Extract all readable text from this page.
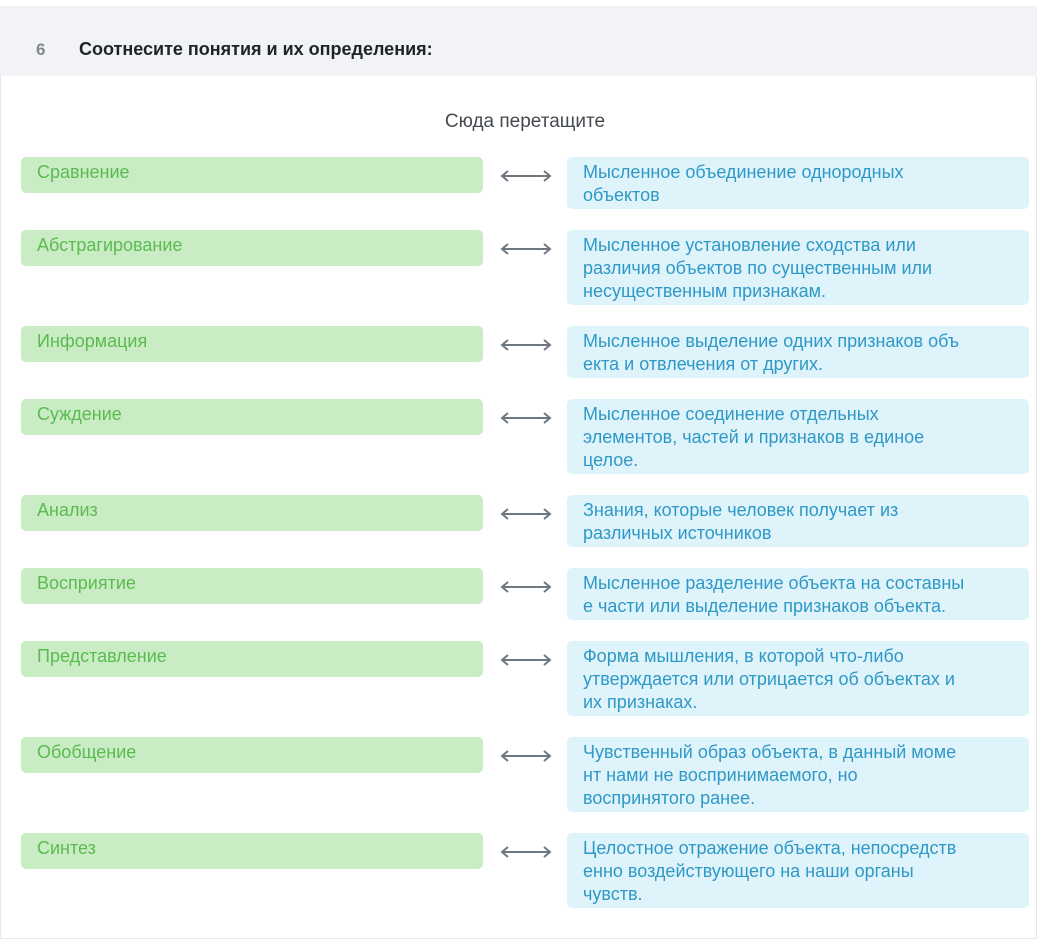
6 Соотнесите понятия и их определения:
Сюда перетащите
Сравнение	Мысленное объединение однородных
объектов
Абстрагирование	Мысленное установление сходства или
различия объектов по существенным или
несущественным признакам.
Информация	Мысленное выделение одних признаков объ
екта и отвлечения от других.
Суждение	Мысленное соединение отдельных
элементов, частей и признаков в единое
целое.
Анализ	Знания, которые человек получает из
различных источников
Восприятие	Мысленное разделение объекта на составны
е части или выделение признаков объекта.
Представление	Форма мышления, в которой что-либо
утверждается или отрицается об объектах и
их признаках.
Обобщение	Чувственный образ объекта, в данный моме
нт нами не воспринимаемого, но
воспринятого ранее.
Синтез	Целостное отражение объекта, непосредств
енно воздействующего на наши органы
чувств.
